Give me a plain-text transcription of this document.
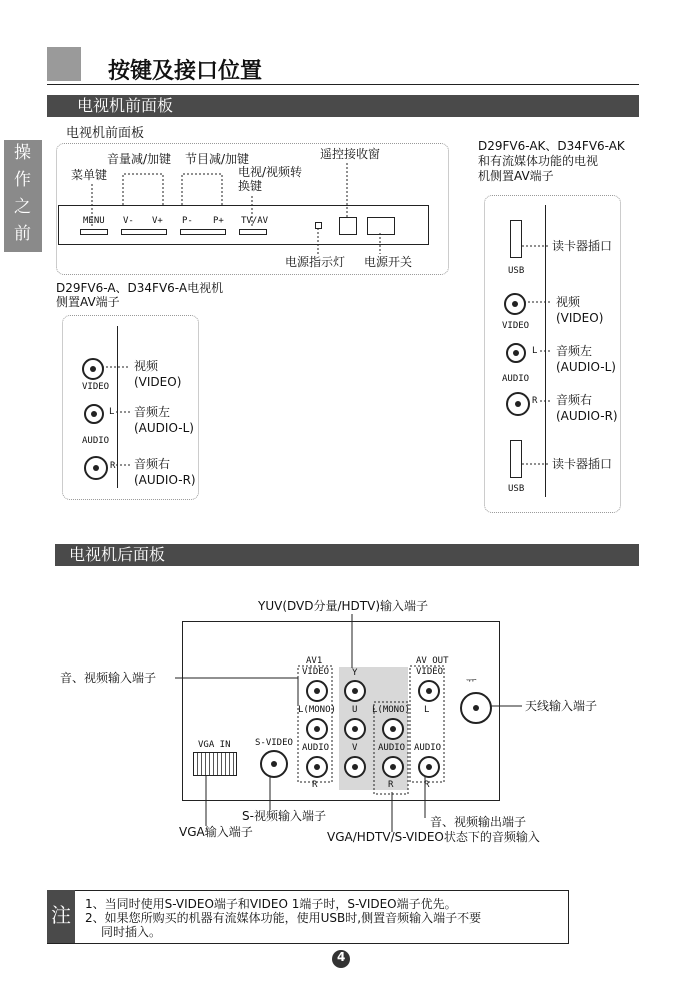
按键及接口位置
操
作
之
前
电视机前面板
电视机前面板
菜单键
音量减/加键 节目减/加键
电视/视频转
换键
遥控接收窗
MENU V- V+ P- P+ TV/AV
电源指示灯 电源开关
D29FV6-A、D34FV6-A电视机
侧置AV端子
VIDEO
L
AUDIO
R
视频
(VIDEO)
音频左
(AUDIO-L)
音频右
(AUDIO-R)
D29FV6-AK、D34FV6-AK
和有流媒体功能的电视
机侧置AV端子
USB
读卡器插口
VIDEO
L
AUDIO
R
视频
(VIDEO)
音频左
(AUDIO-L)
音频右
(AUDIO-R)
USB
读卡器插口
电视机后面板
YUV(DVD分量/HDTV)输入端子
AV1
VIDEO
L(MONO)
AUDIO
R
Y
U
V
L(MONO)
AUDIO
R
AV OUT
VIDEO
L
AUDIO
R
ᅲ
VGA IN	S-VIDEO
音、视频输入端子
天线输入端子
S-视频输入端子
VGA输入端子
音、视频输出端子
VGA/HDTV/S-VIDEO状态下的音频输入
注 1、当同时使用S-VIDEO端子和VIDEO 1端子时，S-VIDEO端子优先。
2、如果您所购买的机器有流媒体功能，使用USB时,侧置音频输入端子不要
同时插入。
4
